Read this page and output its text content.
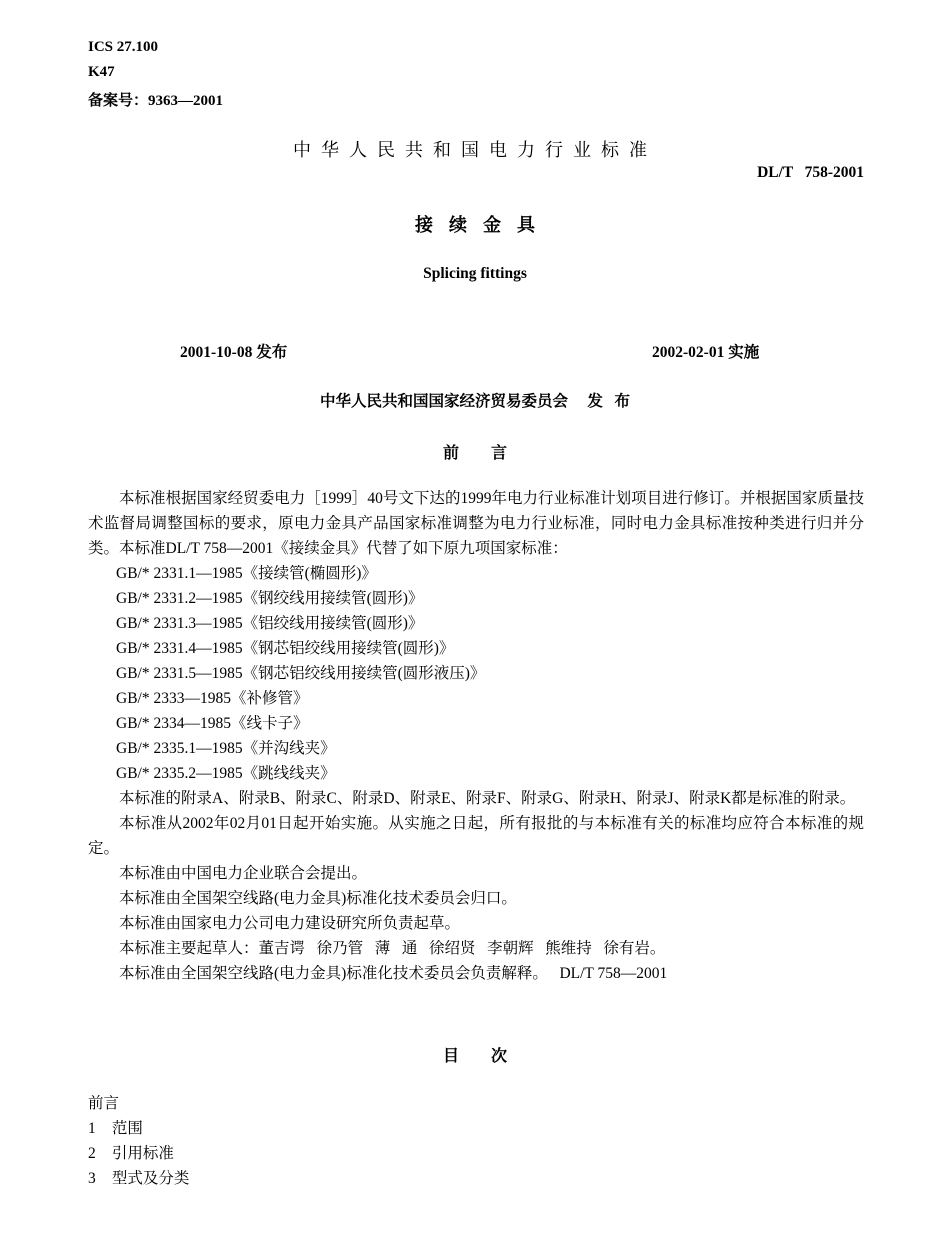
ICS 27.100
K47
备案号：9363—2001
中华人民共和国电力行业标准
DL/T   758-2001
接续金具
Splicing fittings
2001-10-08 发布	2002-02-01 实施
中华人民共和国国家经济贸易委员会     发   布
前        言

本标准根据国家经贸委电力［1999］40号文下达的1999年电力行业标准计划项目进行修订。并根据国家质量技术监督局调整国标的要求，原电力金具产品国家标准调整为电力行业标准，同时电力金具标准按种类进行归并分类。本标准DL/T 758—2001《接续金具》代替了如下原九项国家标准：

GB/* 2331.1—1985《接续管(椭圆形)》

GB/* 2331.2—1985《钢绞线用接续管(圆形)》

GB/* 2331.3—1985《铝绞线用接续管(圆形)》

GB/* 2331.4—1985《钢芯铝绞线用接续管(圆形)》

GB/* 2331.5—1985《钢芯铝绞线用接续管(圆形液压)》

GB/* 2333—1985《补修管》

GB/* 2334—1985《线卡子》

GB/* 2335.1—1985《并沟线夹》

GB/* 2335.2—1985《跳线线夹》

本标准的附录A、附录B、附录C、附录D、附录E、附录F、附录G、附录H、附录J、附录K都是标准的附录。

本标准从2002年02月01日起开始实施。从实施之日起，所有报批的与本标准有关的标准均应符合本标准的规定。

本标准由中国电力企业联合会提出。

本标准由全国架空线路(电力金具)标准化技术委员会归口。

本标准由国家电力公司电力建设研究所负责起草。

本标准主要起草人：董吉谔   徐乃管   薄   通   徐绍贤   李朝辉   熊维持   徐有岩。

本标准由全国架空线路(电力金具)标准化技术委员会负责解释。   DL/T 758—2001

目        次
前言
1 范围
2 引用标准
3 型式及分类
